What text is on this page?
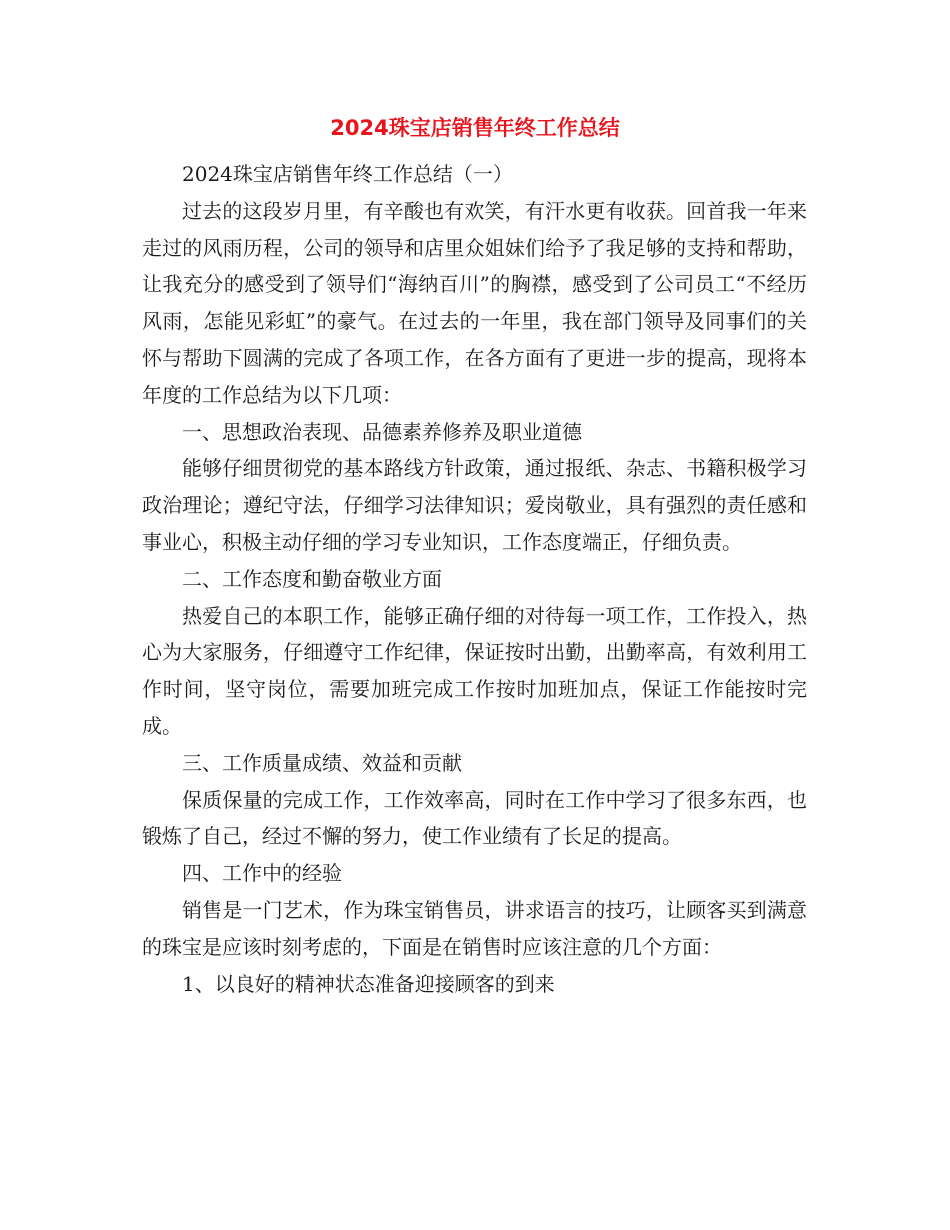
2024珠宝店销售年终工作总结

2024珠宝店销售年终工作总结（一）

过去的这段岁月里，有辛酸也有欢笑，有汗水更有收获。回首我一年来走过的风雨历程，公司的领导和店里众姐妹们给予了我足够的支持和帮助，让我充分的感受到了领导们“海纳百川”的胸襟，感受到了公司员工“不经历风雨，怎能见彩虹”的豪气。在过去的一年里，我在部门领导及同事们的关怀与帮助下圆满的完成了各项工作，在各方面有了更进一步的提高，现将本年度的工作总结为以下几项：

一、思想政治表现、品德素养修养及职业道德

能够仔细贯彻党的基本路线方针政策，通过报纸、杂志、书籍积极学习政治理论；遵纪守法，仔细学习法律知识；爱岗敬业，具有强烈的责任感和事业心，积极主动仔细的学习专业知识，工作态度端正，仔细负责。

二、工作态度和勤奋敬业方面

热爱自己的本职工作，能够正确仔细的对待每一项工作，工作投入，热心为大家服务，仔细遵守工作纪律，保证按时出勤，出勤率高，有效利用工作时间，坚守岗位，需要加班完成工作按时加班加点，保证工作能按时完成。

三、工作质量成绩、效益和贡献

保质保量的完成工作，工作效率高，同时在工作中学习了很多东西，也锻炼了自己，经过不懈的努力，使工作业绩有了长足的提高。

四、工作中的经验

销售是一门艺术，作为珠宝销售员，讲求语言的技巧，让顾客买到满意的珠宝是应该时刻考虑的，下面是在销售时应该注意的几个方面：

1、以良好的精神状态准备迎接顾客的到来
